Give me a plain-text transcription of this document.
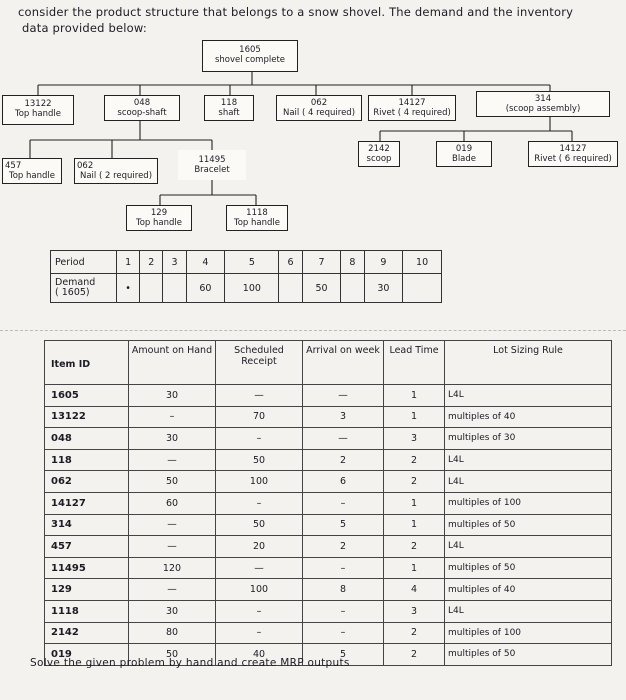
consider the product structure that belongs to a snow shovel. The demand and the inventory
data provided below:
1605
shovel complete
13122
Top handle
048
scoop-shaft
118
shaft
062
Nail ( 4 required)
14127
Rivet ( 4 required)
314
(scoop assembly)
457
Top handle
062
Nail ( 2 required)
11495
Bracelet
2142
scoop
019
Blade
14127
Rivet ( 6 required)
129
Top handle
1118
Top handle
Period	1	2	3	4	5	6	7	8	9	10

Demand
( 1605)	•			60	100		50		30	
Item ID	Amount on Hand	Scheduled Receipt	Arrival on week	Lead Time	Lot Sizing Rule
1605	30	—	—	1	L4L
13122	–	70	3	1	multiples of 40
048	30	–	—	3	multiples of 30
118	—	50	2	2	L4L
062	50	100	6	2	L4L
14127	60	–	–	1	multiples of 100
314	—	50	5	1	multiples of 50
457	—	20	2	2	L4L
11495	120	—	–	1	multiples of 50
129	—	100	8	4	multiples of 40
1118	30	–	–	3	L4L
2142	80	–	–	2	multiples of 100
019	50	40	5	2	multiples of 50
Solve the given problem by hand and create MRP outputs
